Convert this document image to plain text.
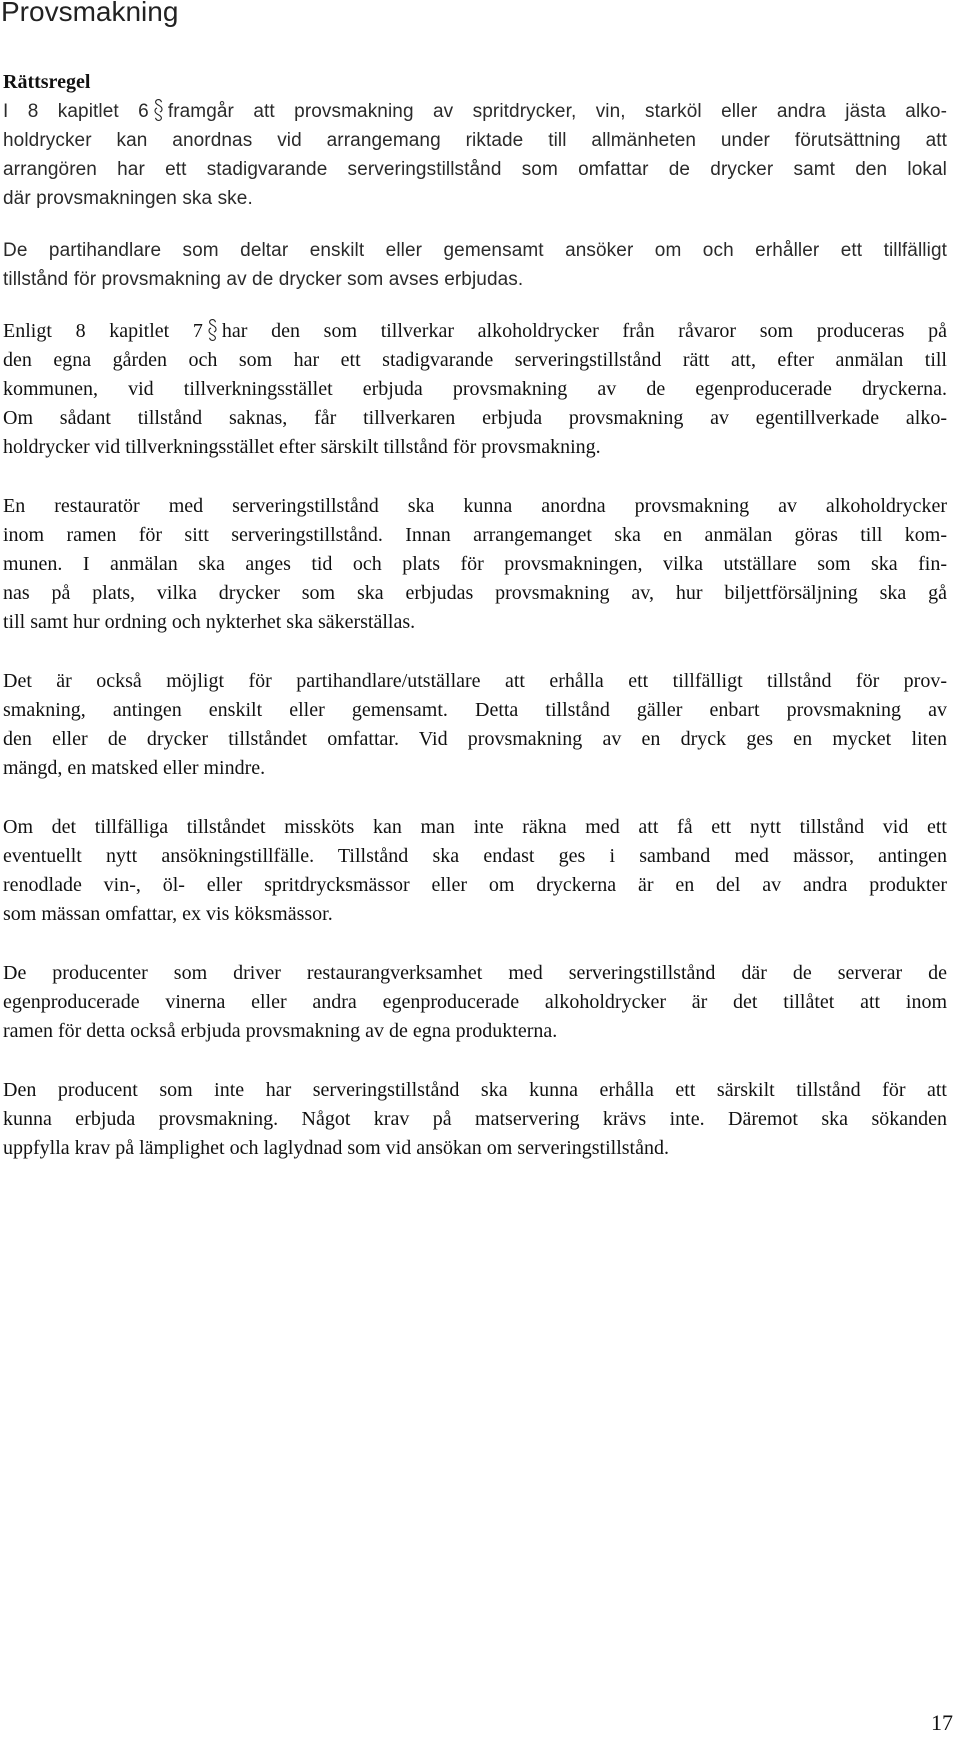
Provsmakning
Rättsregel

I 8 kapitlet 6 framgår att provsmakning av spritdrycker, vin, starköl eller andra jästa alko-
holdrycker kan anordnas vid arrangemang riktade till allmänheten under förutsättning att
arrangören har ett stadigvarande serveringstillstånd som omfattar de drycker samt den lokal
där provsmakningen ska ske.

De partihandlare som deltar enskilt eller gemensamt ansöker om och erhåller ett tillfälligt
tillstånd för provsmakning av de drycker som avses erbjudas.

Enligt 8 kapitlet 7 har den som tillverkar alkoholdrycker från råvaror som produceras på
den egna gården och som har ett stadigvarande serveringstillstånd rätt att, efter anmälan till
kommunen, vid tillverkningsstället erbjuda provsmakning av de egenproducerade dryckerna.
Om sådant tillstånd saknas, får tillverkaren erbjuda provsmakning av egentillverkade alko-
holdrycker vid tillverkningsstället efter särskilt tillstånd för provsmakning.

En restauratör med serveringstillstånd ska kunna anordna provsmakning av alkoholdrycker
inom ramen för sitt serveringstillstånd. Innan arrangemanget ska en anmälan göras till kom-
munen. I anmälan ska anges tid och plats för provsmakningen, vilka utställare som ska fin-
nas på plats, vilka drycker som ska erbjudas provsmakning av, hur biljettförsäljning ska gå
till samt hur ordning och nykterhet ska säkerställas.

Det är också möjligt för partihandlare/utställare att erhålla ett tillfälligt tillstånd för prov-
smakning, antingen enskilt eller gemensamt. Detta tillstånd gäller enbart provsmakning av
den eller de drycker tillståndet omfattar. Vid provsmakning av en dryck ges en mycket liten
mängd, en matsked eller mindre.

Om det tillfälliga tillståndet missköts kan man inte räkna med att få ett nytt tillstånd vid ett
eventuellt nytt ansökningstillfälle. Tillstånd ska endast ges i samband med mässor, antingen
renodlade vin-, öl- eller spritdrycksmässor eller om dryckerna är en del av andra produkter
som mässan omfattar, ex vis köksmässor.

De producenter som driver restaurangverksamhet med serveringstillstånd där de serverar de
egenproducerade vinerna eller andra egenproducerade alkoholdrycker är det tillåtet att inom
ramen för detta också erbjuda provsmakning av de egna produkterna.

Den producent som inte har serveringstillstånd ska kunna erhålla ett särskilt tillstånd för att
kunna erbjuda provsmakning. Något krav på matservering krävs inte. Däremot ska sökanden
uppfylla krav på lämplighet och laglydnad som vid ansökan om serveringstillstånd.

17
